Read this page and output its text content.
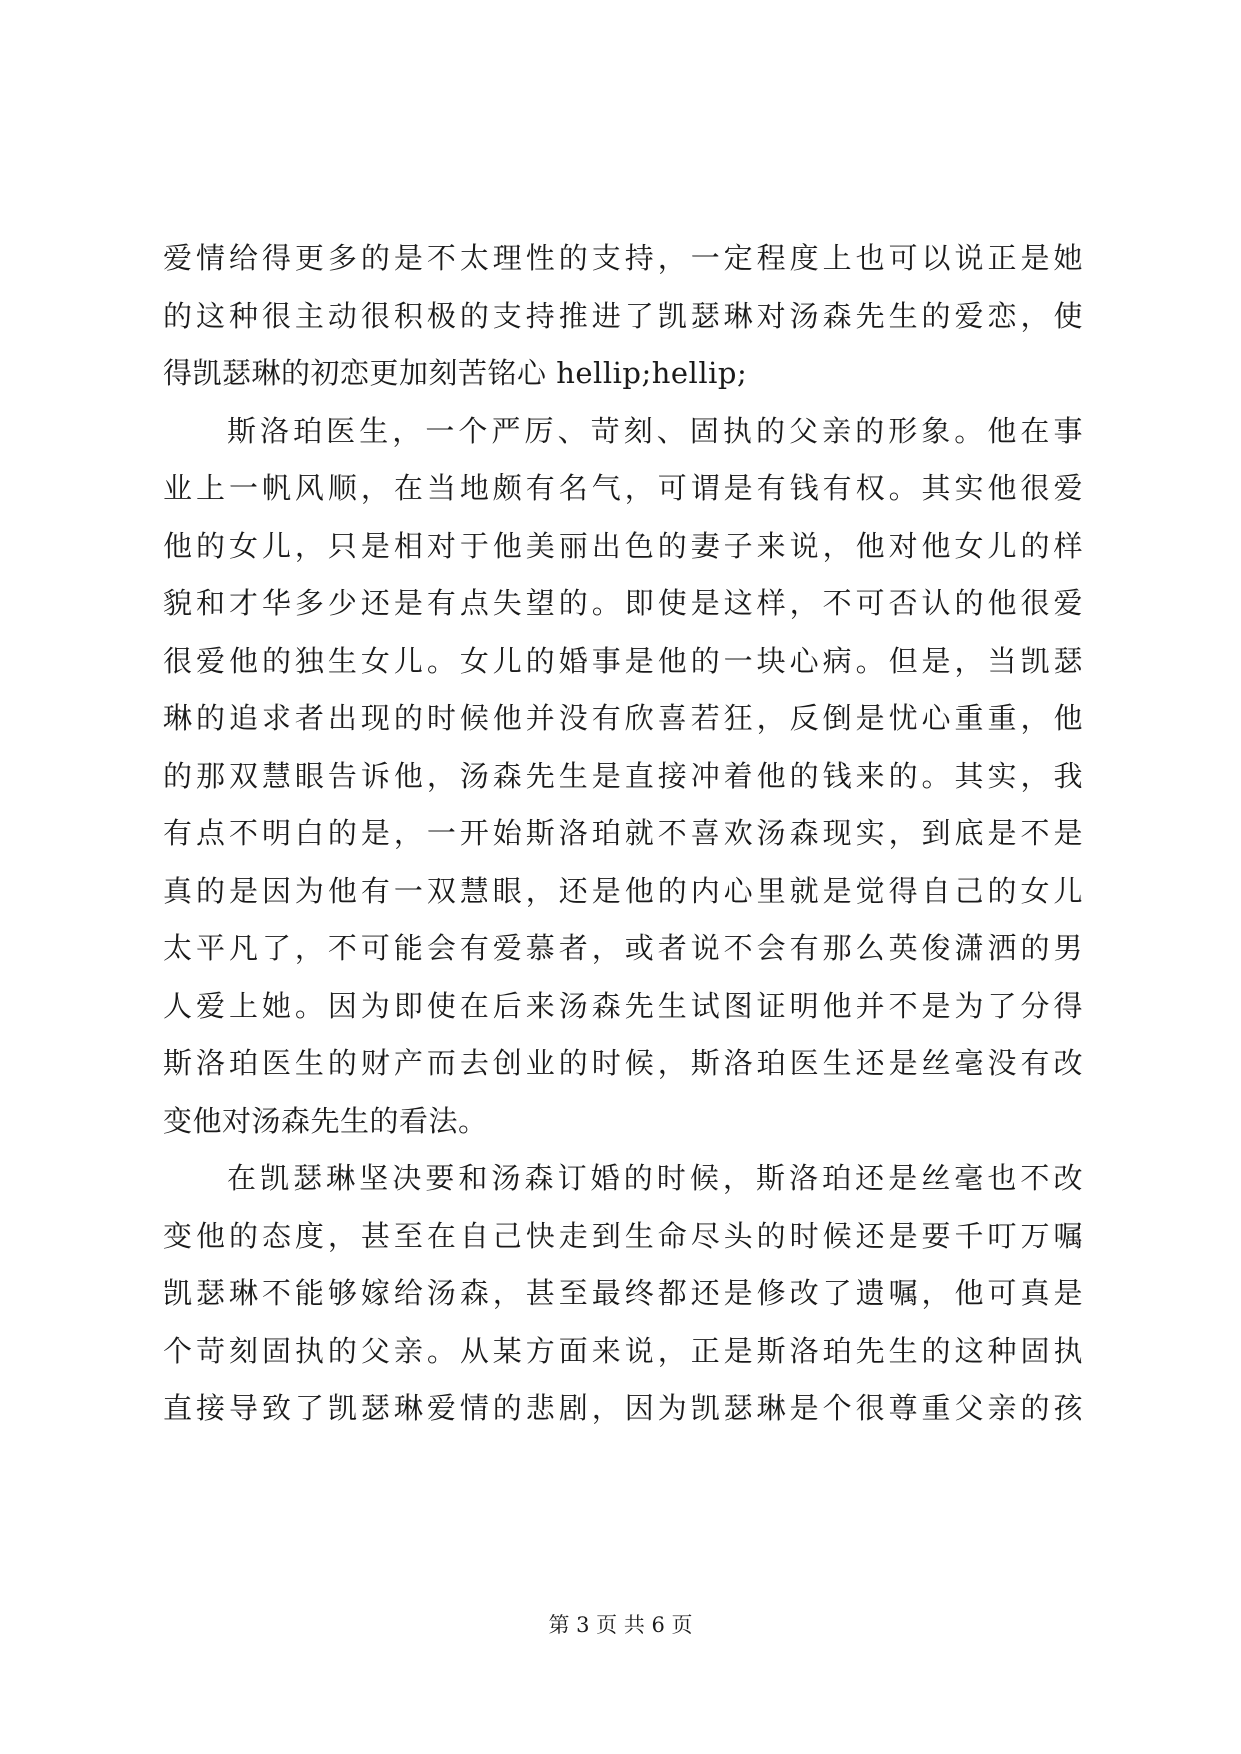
爱情给得更多的是不太理性的支持，一定程度上也可以说正是她
的这种很主动很积极的支持推进了凯瑟琳对汤森先生的爱恋，使
得凯瑟琳的初恋更加刻苦铭心 hellip;hellip;
斯洛珀医生，一个严厉、苛刻、固执的父亲的形象。他在事
业上一帆风顺，在当地颇有名气，可谓是有钱有权。其实他很爱
他的女儿，只是相对于他美丽出色的妻子来说，他对他女儿的样
貌和才华多少还是有点失望的。即使是这样，不可否认的他很爱
很爱他的独生女儿。女儿的婚事是他的一块心病。但是，当凯瑟
琳的追求者出现的时候他并没有欣喜若狂，反倒是忧心重重，他
的那双慧眼告诉他，汤森先生是直接冲着他的钱来的。其实，我
有点不明白的是，一开始斯洛珀就不喜欢汤森现实，到底是不是
真的是因为他有一双慧眼，还是他的内心里就是觉得自己的女儿
太平凡了，不可能会有爱慕者，或者说不会有那么英俊潇洒的男
人爱上她。因为即使在后来汤森先生试图证明他并不是为了分得
斯洛珀医生的财产而去创业的时候，斯洛珀医生还是丝毫没有改
变他对汤森先生的看法。
在凯瑟琳坚决要和汤森订婚的时候，斯洛珀还是丝毫也不改
变他的态度，甚至在自己快走到生命尽头的时候还是要千叮万嘱
凯瑟琳不能够嫁给汤森，甚至最终都还是修改了遗嘱，他可真是
个苛刻固执的父亲。从某方面来说，正是斯洛珀先生的这种固执
直接导致了凯瑟琳爱情的悲剧，因为凯瑟琳是个很尊重父亲的孩
第 3 页 共 6 页
